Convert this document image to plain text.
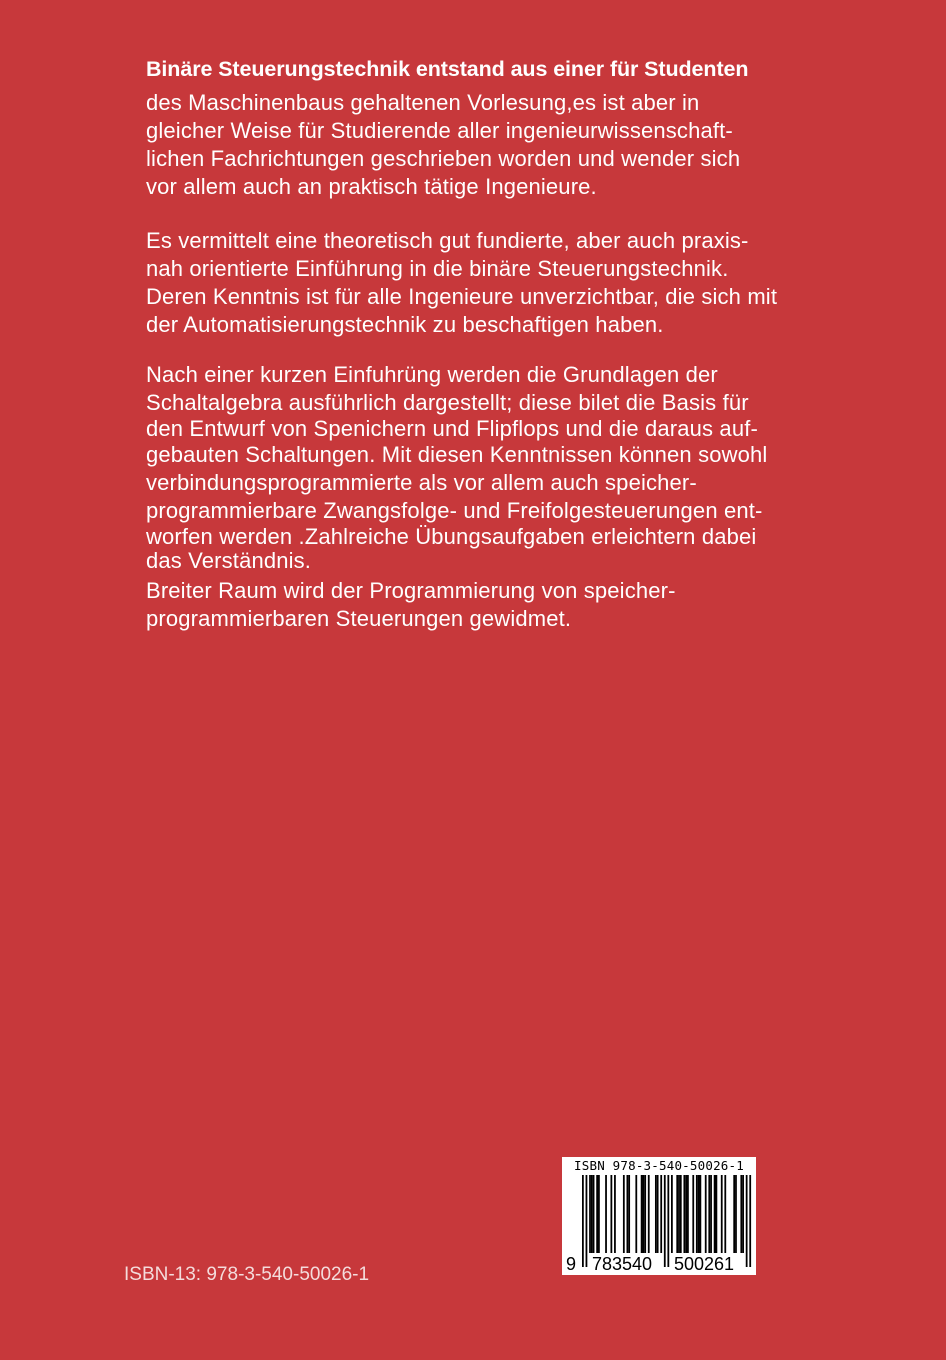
Binäre Steuerungstechnik entstand aus einer für Studenten
des Maschinenbaus gehaltenen Vorlesung,es ist aber in
gleicher Weise für Studierende aller ingenieurwissenschaft-
lichen Fachrichtungen geschrieben worden und wender sich
vor allem auch an praktisch tätige Ingenieure.
Es vermittelt eine theoretisch gut fundierte, aber auch praxis-
nah orientierte Einführung in die binäre Steuerungstechnik.
Deren Kenntnis ist für alle Ingenieure unverzichtbar, die sich mit
der Automatisierungstechnik zu beschaftigen haben.
Nach einer kurzen Einfuhrüng werden die Grundlagen der
Schaltalgebra ausführlich dargestellt; diese bilet die Basis für
den Entwurf von Spenichern und Flipflops und die daraus auf-
gebauten Schaltungen. Mit diesen Kenntnissen können sowohl
verbindungsprogrammierte als vor allem auch speicher-
programmierbare Zwangsfolge- und Freifolgesteuerungen ent-
worfen werden .Zahlreiche Übungsaufgaben erleichtern dabei
das Verständnis.
Breiter Raum wird der Programmierung von speicher-
programmierbaren Steuerungen gewidmet.
ISBN-13: 978-3-540-50026-1
ISBN 978-3-540-50026-1
9 783540 500261
